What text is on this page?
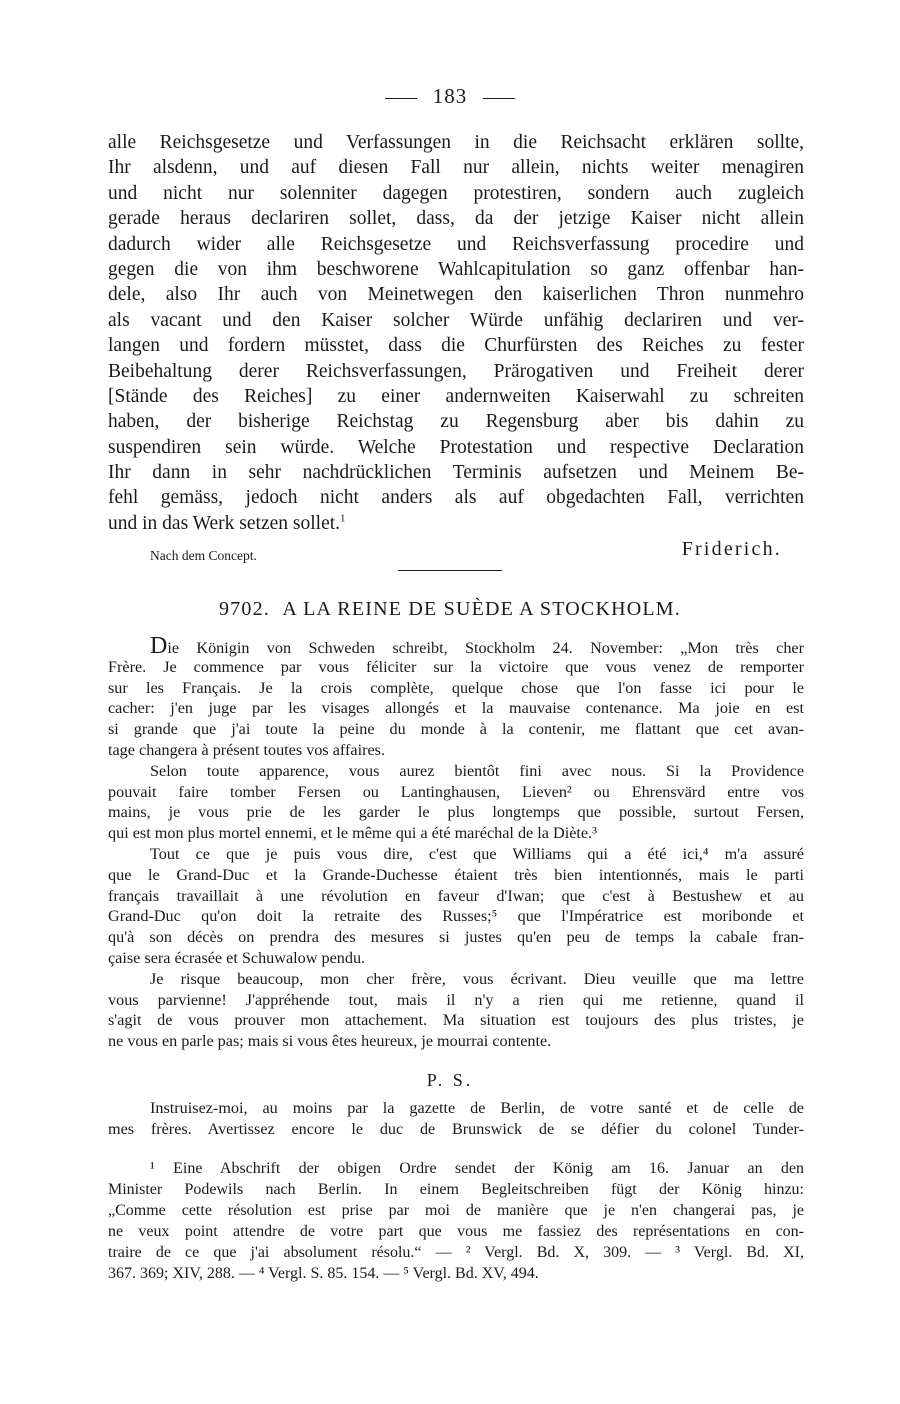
183
alle Reichsgesetze und Verfassungen in die Reichsacht erklären sollte,
Ihr alsdenn, und auf diesen Fall nur allein, nichts weiter menagiren
und nicht nur solenniter dagegen protestiren, sondern auch zugleich
gerade heraus declariren sollet, dass, da der jetzige Kaiser nicht allein
dadurch wider alle Reichsgesetze und Reichsverfassung procedire und
gegen die von ihm beschworene Wahlcapitulation so ganz offenbar han-
dele, also Ihr auch von Meinetwegen den kaiserlichen Thron nunmehro
als vacant und den Kaiser solcher Würde unfähig declariren und ver-
langen und fordern müsstet, dass die Churfürsten des Reiches zu fester
Beibehaltung derer Reichsverfassungen, Prärogativen und Freiheit derer
[Stände des Reiches] zu einer andernweiten Kaiserwahl zu schreiten
haben, der bisherige Reichstag zu Regensburg aber bis dahin zu
suspendiren sein würde. Welche Protestation und respective Declaration
Ihr dann in sehr nachdrücklichen Terminis aufsetzen und Meinem Be-
fehl gemäss, jedoch nicht anders als auf obgedachten Fall, verrichten
und in das Werk setzen sollet.$^1$
Nach dem Concept.	Friderich.
9702. A LA REINE DE SUÈDE A STOCKHOLM.
Die Königin von Schweden schreibt, Stockholm 24. November: „Mon très cher
Frère. Je commence par vous féliciter sur la victoire que vous venez de remporter
sur les Français. Je la crois complète, quelque chose que l'on fasse ici pour le
cacher: j'en juge par les visages allongés et la mauvaise contenance. Ma joie en est
si grande que j'ai toute la peine du monde à la contenir, me flattant que cet avan-
tage changera à présent toutes vos affaires.
Selon toute apparence, vous aurez bientôt fini avec nous. Si la Providence
pouvait faire tomber Fersen ou Lantinghausen, Lieven² ou Ehrensvärd entre vos
mains, je vous prie de les garder le plus longtemps que possible, surtout Fersen,
qui est mon plus mortel ennemi, et le même qui a été maréchal de la Diète.³
Tout ce que je puis vous dire, c'est que Williams qui a été ici,⁴ m'a assuré
que le Grand-Duc et la Grande-Duchesse étaient très bien intentionnés, mais le parti
français travaillait à une révolution en faveur d'Iwan; que c'est à Bestushew et au
Grand-Duc qu'on doit la retraite des Russes;⁵ que l'Impératrice est moribonde et
qu'à son décès on prendra des mesures si justes qu'en peu de temps la cabale fran-
çaise sera écrasée et Schuwalow pendu.
Je risque beaucoup, mon cher frère, vous écrivant. Dieu veuille que ma lettre
vous parvienne! J'appréhende tout, mais il n'y a rien qui me retienne, quand il
s'agit de vous prouver mon attachement. Ma situation est toujours des plus tristes, je
ne vous en parle pas; mais si vous êtes heureux, je mourrai contente.
P. S.
Instruisez-moi, au moins par la gazette de Berlin, de votre santé et de celle de
mes frères. Avertissez encore le duc de Brunswick de se défier du colonel Tunder-
¹ Eine Abschrift der obigen Ordre sendet der König am 16. Januar an den
Minister Podewils nach Berlin. In einem Begleitschreiben fügt der König hinzu:
„Comme cette résolution est prise par moi de manière que je n'en changerai pas, je
ne veux point attendre de votre part que vous me fassiez des représentations en con-
traire de ce que j'ai absolument résolu.“ — ² Vergl. Bd. X, 309. — ³ Vergl. Bd. XI,
367. 369; XIV, 288. — ⁴ Vergl. S. 85. 154. — ⁵ Vergl. Bd. XV, 494.
